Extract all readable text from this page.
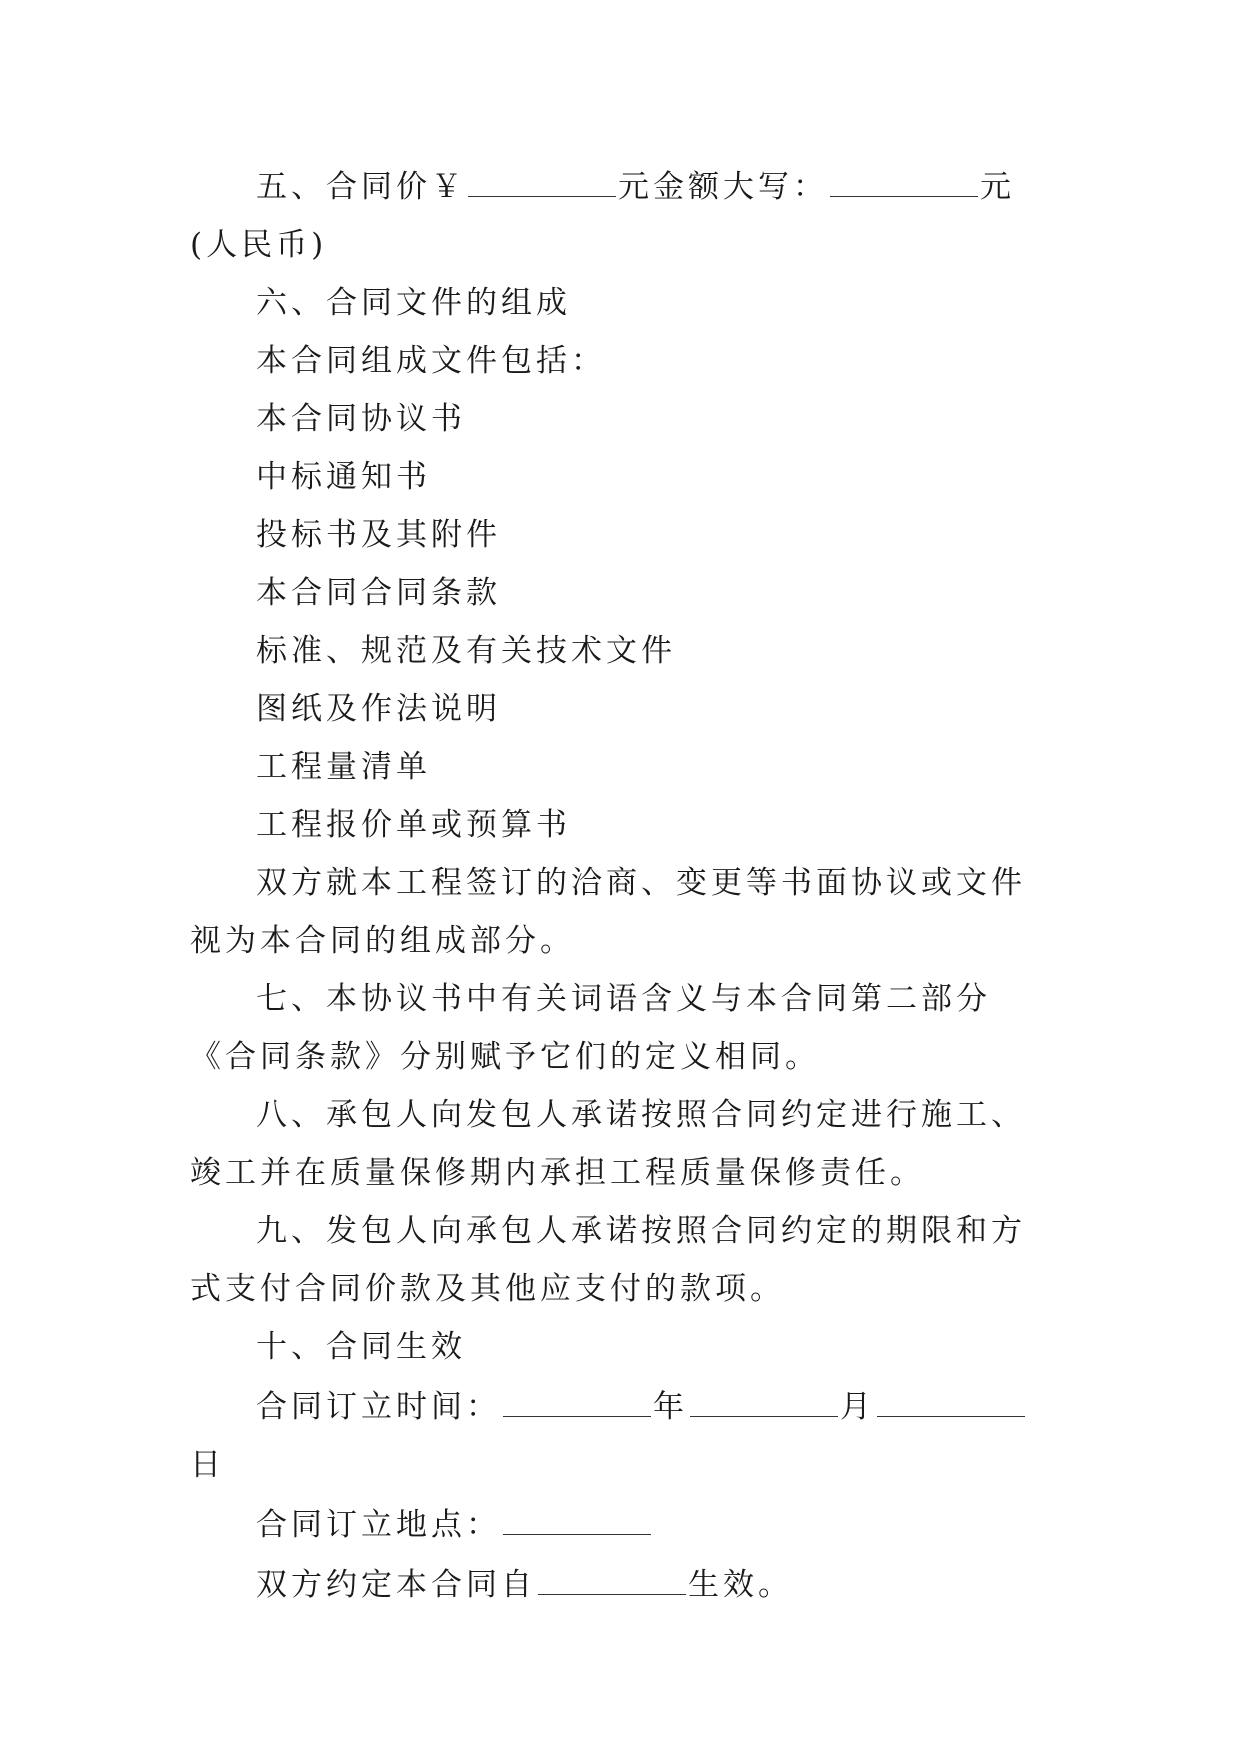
五、合同价￥	元金额大写：	元(人民币)

六、合同文件的组成

本合同组成文件包括：

本合同协议书

中标通知书

投标书及其附件

本合同合同条款

标准、规范及有关技术文件

图纸及作法说明

工程量清单

工程报价单或预算书

双方就本工程签订的洽商、变更等书面协议或文件视为本合同的组成部分。

七、本协议书中有关词语含义与本合同第二部分《合同条款》分别赋予它们的定义相同。

八、承包人向发包人承诺按照合同约定进行施工、竣工并在质量保修期内承担工程质量保修责任。

九、发包人向承包人承诺按照合同约定的期限和方式支付合同价款及其他应支付的款项。

十、合同生效

合同订立时间：	年	月日

合同订立地点：

双方约定本合同自	生效。
